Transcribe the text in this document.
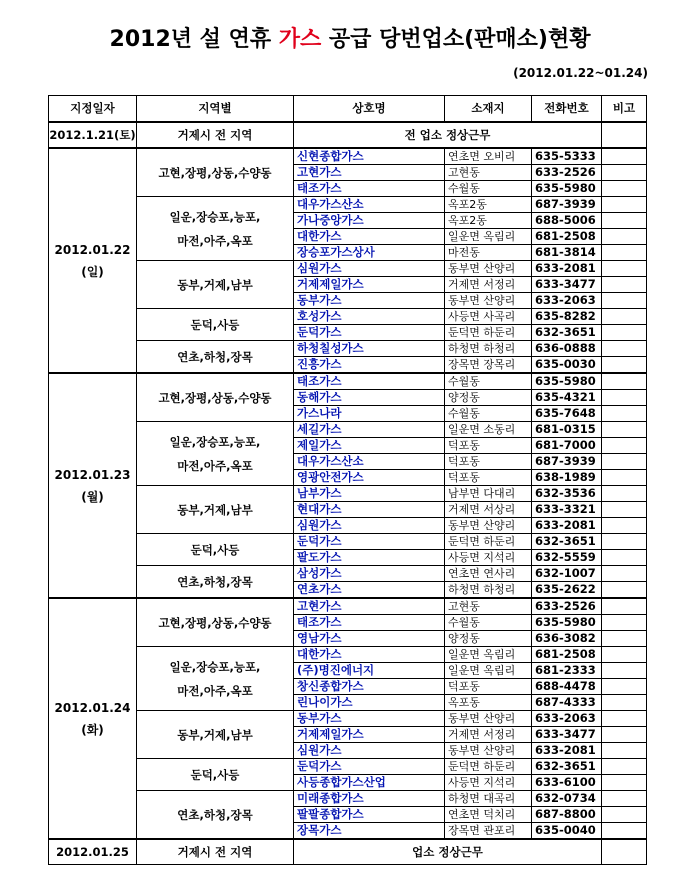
2012년 설 연휴 가스 공급 당번업소(판매소)현황
(2012.01.22~01.24)
지정일자	지역별	상호명	소재지	전화번호	비고
2012.1.21(토)	거제시 전 지역	전 업소 정상근무			

2012.01.22
(일)	고현,장평,상동,수양동	신현종합가스	연초면 오비리	635-5333	
		고현가스	고현동	633-2526	
		태조가스	수월동	635-5980	

	일운,장승포,능포,
마전,아주,옥포	대우가스산소	옥포2동	687-3939	
		가나중앙가스	옥포2동	688-5006	
		대한가스	일운면 옥림리	681-2508	
		장승포가스상사	마전동	681-3814	

	동부,거제,남부	심원가스	동부면 산양리	633-2081	
		거제제일가스	거제면 서정리	633-3477	
		동부가스	동부면 산양리	633-2063	

	둔덕,사등	호성가스	사등면 사곡리	635-8282	
		둔덕가스	둔덕면 하둔리	632-3651	

	연초,하청,장목	하청칠성가스	하청면 하청리	636-0888	
		진흥가스	장목면 장목리	635-0030	

2012.01.23
(월)	고현,장평,상동,수양동	태조가스	수월동	635-5980	
		동해가스	양정동	635-4321	
		가스나라	수월동	635-7648	

	일운,장승포,능포,
마전,아주,옥포	세길가스	일운면 소동리	681-0315	
		제일가스	덕포동	681-7000	
		대우가스산소	덕포동	687-3939	
		영광안전가스	덕포동	638-1989	

	동부,거제,남부	남부가스	남부면 다대리	632-3536	
		현대가스	거제면 서상리	633-3321	
		심원가스	동부면 산양리	633-2081	

	둔덕,사등	둔덕가스	둔덕면 하둔리	632-3651	
		팔도가스	사등면 지석리	632-5559	

	연초,하청,장목	삼성가스	연초면 연사리	632-1007	
		연초가스	하청면 하청리	635-2622	

2012.01.24
(화)	고현,장평,상동,수양동	고현가스	고현동	633-2526	
		태조가스	수월동	635-5980	
		영남가스	양정동	636-3082	

	일운,장승포,능포,
마전,아주,옥포	대한가스	일운면 옥림리	681-2508	
		(주)명진에너지	일운면 옥림리	681-2333	
		창신종합가스	덕포동	688-4478	
		린나이가스	옥포동	687-4333	

	동부,거제,남부	동부가스	동부면 산양리	633-2063	
		거제제일가스	거제면 서정리	633-3477	
		심원가스	동부면 산양리	633-2081	

	둔덕,사등	둔덕가스	둔덕면 하둔리	632-3651	
		사등종합가스산업	사등면 지석리	633-6100	

	연초,하청,장목	미래종합가스	하청면 대곡리	632-0734	
		팔팔종합가스	연초면 덕치리	687-8800	
		장목가스	장목면 관포리	635-0040	
2012.01.25	거제시 전 지역	업소 정상근무			
